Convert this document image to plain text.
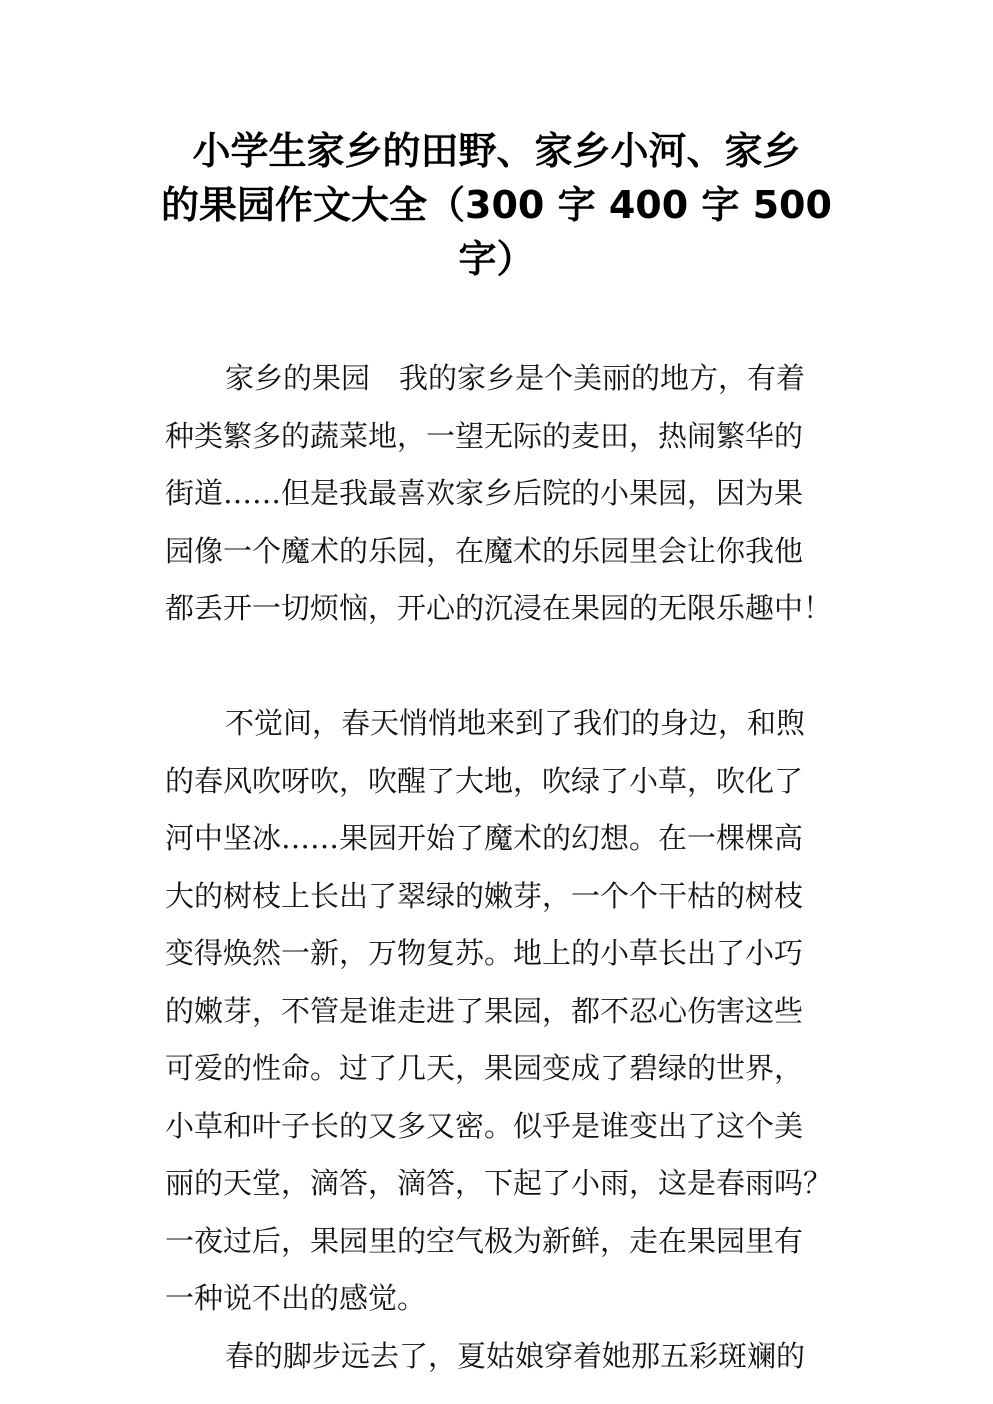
小学生家乡的田野、家乡小河、家乡
的果园作文大全（300 字 400 字 500
字）
家乡的果园　我的家乡是个美丽的地方，有着
种类繁多的蔬菜地，一望无际的麦田，热闹繁华的
街道……但是我最喜欢家乡后院的小果园，因为果
园像一个魔术的乐园，在魔术的乐园里会让你我他
都丢开一切烦恼，开心的沉浸在果园的无限乐趣中！
不觉间，春天悄悄地来到了我们的身边，和煦
的春风吹呀吹，吹醒了大地，吹绿了小草，吹化了
河中坚冰……果园开始了魔术的幻想。在一棵棵高
大的树枝上长出了翠绿的嫩芽，一个个干枯的树枝
变得焕然一新，万物复苏。地上的小草长出了小巧
的嫩芽，不管是谁走进了果园，都不忍心伤害这些
可爱的性命。过了几天，果园变成了碧绿的世界，
小草和叶子长的又多又密。似乎是谁变出了这个美
丽的天堂，滴答，滴答，下起了小雨，这是春雨吗？
一夜过后，果园里的空气极为新鲜，走在果园里有
一种说不出的感觉。
春的脚步远去了，夏姑娘穿着她那五彩斑斓的
